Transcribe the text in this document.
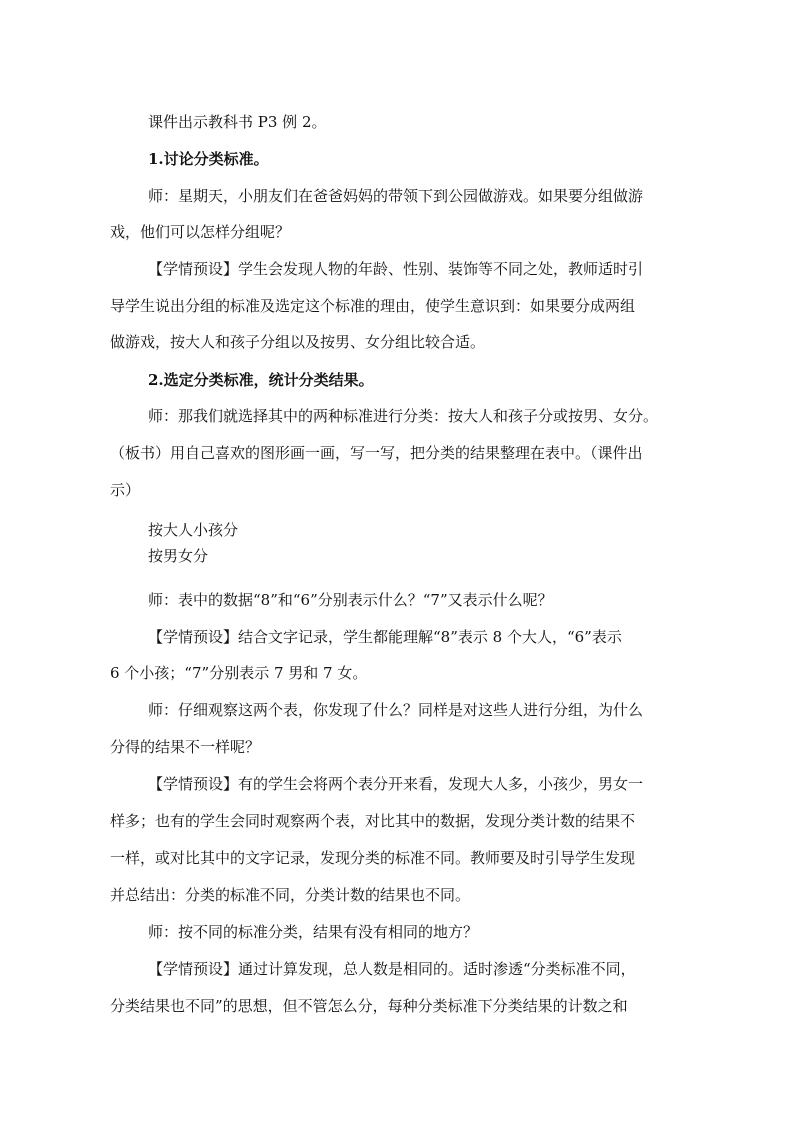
课件出示教科书 P3 例 2。
1.讨论分类标准。
师：星期天，小朋友们在爸爸妈妈的带领下到公园做游戏。如果要分组做游
戏，他们可以怎样分组呢？
【学情预设】学生会发现人物的年龄、性别、装饰等不同之处，教师适时引
导学生说出分组的标准及选定这个标准的理由，使学生意识到：如果要分成两组
做游戏，按大人和孩子分组以及按男、女分组比较合适。
2.选定分类标准，统计分类结果。
师：那我们就选择其中的两种标准进行分类：按大人和孩子分或按男、女分。
（板书）用自己喜欢的图形画一画，写一写，把分类的结果整理在表中。（课件出
示）
按大人小孩分
按男女分
师：表中的数据“8”和“6”分别表示什么？“7”又表示什么呢？
【学情预设】结合文字记录，学生都能理解“8”表示 8 个大人，“6”表示
6 个小孩；“7”分别表示 7 男和 7 女。
师：仔细观察这两个表，你发现了什么？同样是对这些人进行分组，为什么
分得的结果不一样呢？
【学情预设】有的学生会将两个表分开来看，发现大人多，小孩少，男女一
样多；也有的学生会同时观察两个表，对比其中的数据，发现分类计数的结果不
一样，或对比其中的文字记录，发现分类的标准不同。教师要及时引导学生发现
并总结出：分类的标准不同，分类计数的结果也不同。
师：按不同的标准分类，结果有没有相同的地方？
【学情预设】通过计算发现，总人数是相同的。适时渗透“分类标准不同，
分类结果也不同”的思想，但不管怎么分，每种分类标准下分类结果的计数之和
